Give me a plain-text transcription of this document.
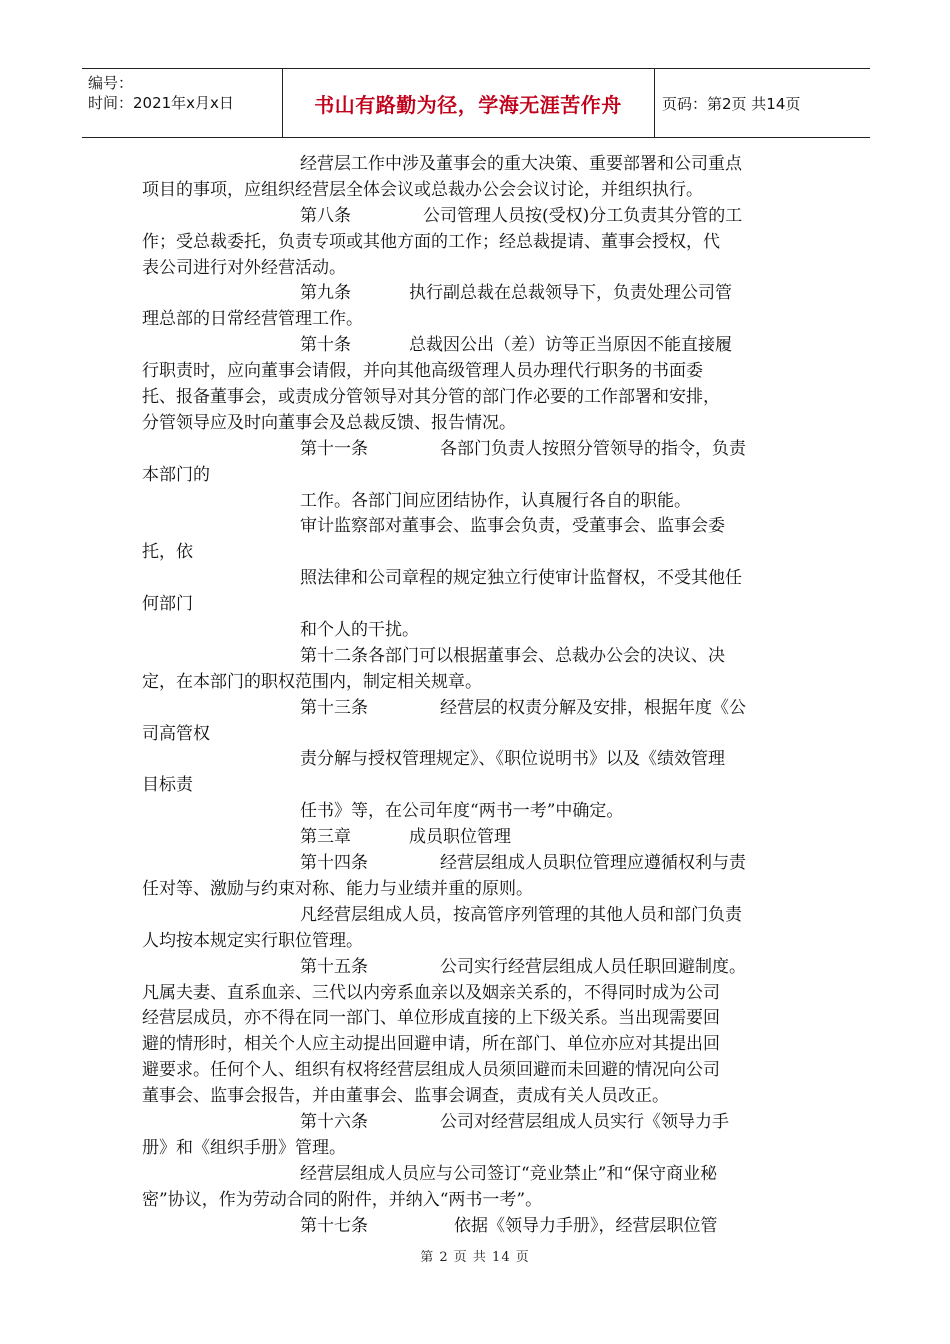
编号：
时间：2021年x月x日	书山有路勤为径，学海无涯苦作舟	页码：第2页 共14页
经营层工作中涉及董事会的重大决策、重要部署和公司重点
项目的事项，应组织经营层全体会议或总裁办公会会议讨论，并组织执行。
第八条	公司管理人员按(受权)分工负责其分管的工
作；受总裁委托，负责专项或其他方面的工作；经总裁提请、董事会授权，代
表公司进行对外经营活动。
第九条	执行副总裁在总裁领导下，负责处理公司管
理总部的日常经营管理工作。
第十条	总裁因公出（差）访等正当原因不能直接履
行职责时，应向董事会请假，并向其他高级管理人员办理代行职务的书面委
托、报备董事会，或责成分管领导对其分管的部门作必要的工作部署和安排，
分管领导应及时向董事会及总裁反馈、报告情况。
第十一条	各部门负责人按照分管领导的指令，负责
本部门的
工作。各部门间应团结协作，认真履行各自的职能。
审计监察部对董事会、监事会负责，受董事会、监事会委
托，依
照法律和公司章程的规定独立行使审计监督权，不受其他任
何部门
和个人的干扰。
第十二条各部门可以根据董事会、总裁办公会的决议、决
定，在本部门的职权范围内，制定相关规章。
第十三条	经营层的权责分解及安排，根据年度《公
司高管权
责分解与授权管理规定》、《职位说明书》以及《绩效管理
目标责
任书》等，在公司年度“两书一考”中确定。
第三章	成员职位管理
第十四条	经营层组成人员职位管理应遵循权利与责
任对等、激励与约束对称、能力与业绩并重的原则。
凡经营层组成人员，按高管序列管理的其他人员和部门负责
人均按本规定实行职位管理。
第十五条	公司实行经营层组成人员任职回避制度。
凡属夫妻、直系血亲、三代以内旁系血亲以及姻亲关系的，不得同时成为公司
经营层成员，亦不得在同一部门、单位形成直接的上下级关系。当出现需要回
避的情形时，相关个人应主动提出回避申请，所在部门、单位亦应对其提出回
避要求。任何个人、组织有权将经营层组成人员须回避而未回避的情况向公司
董事会、监事会报告，并由董事会、监事会调查，责成有关人员改正。
第十六条	公司对经营层组成人员实行《领导力手
册》和《组织手册》管理。
经营层组成人员应与公司签订“竞业禁止”和“保守商业秘
密”协议，作为劳动合同的附件，并纳入“两书一考”。
第十七条	依据《领导力手册》，经营层职位管
第 2 页 共 14 页
